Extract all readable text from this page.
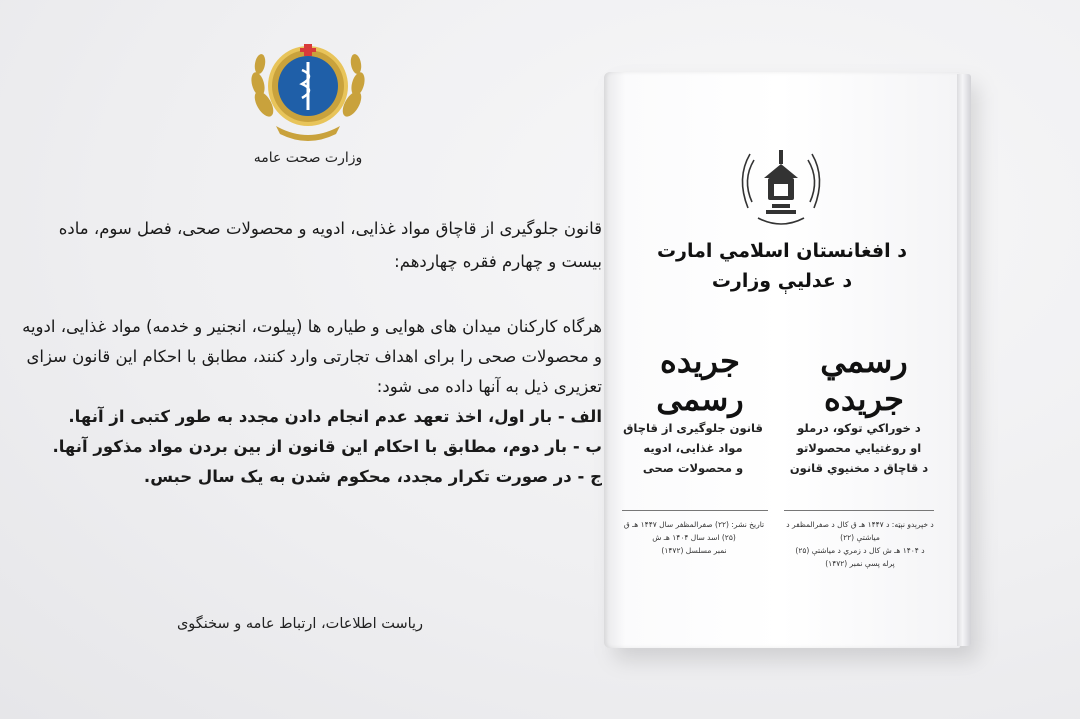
وزارت صحت عامه

قانون جلوگیری از قاچاق مواد غذایی، ادویه و محصولات صحی، فصل سوم، ماده بیست و چهارم فقره چهاردهم:

هرگاه کارکنان میدان های هوایی و طیاره ها (پیلوت، انجنیر و خدمه) مواد غذایی، ادویه و محصولات صحی را برای اهداف تجارتی وارد کنند، مطابق با احکام این قانون سزای تعزیری ذیل به آنها داده می شود:

الف - بار اول، اخذ تعهد عدم انجام دادن مجدد به طور کتبی از آنها.

ب - بار دوم، مطابق با احکام این قانون از بین بردن مواد مذکور آنها.

ج - در صورت تکرار مجدد، محکوم شدن به یک سال حبس.

ریاست اطلاعات، ارتباط عامه و سخنگوی
د افغانستان اسلامي امارت
د عدلیې وزارت
رسمي جریده
جریده رسمی
د خوراکي توکو، درملو
او روغتیايي محصولاتو
د قاچاق د مخنیوي قانون
قانون جلوگیری از قاچاق
مواد غذایی، ادویه
و محصولات صحی
د خپرېدو نېټه: د ۱۴۴۷ هـ ق کال د صفرالمظفر د میاشتې (۲۲)
د ۱۴۰۴ هـ ش کال د زمري د میاشتې (۲۵)
پرله پسې نمبر (۱۴۷۲)
تاریخ نشر: (۲۲) صفرالمظفر سال ۱۴۴۷ هـ ق
(۲۵) اسد سال ۱۴۰۴ هـ ش
نمبر مسلسل (۱۴۷۲)
